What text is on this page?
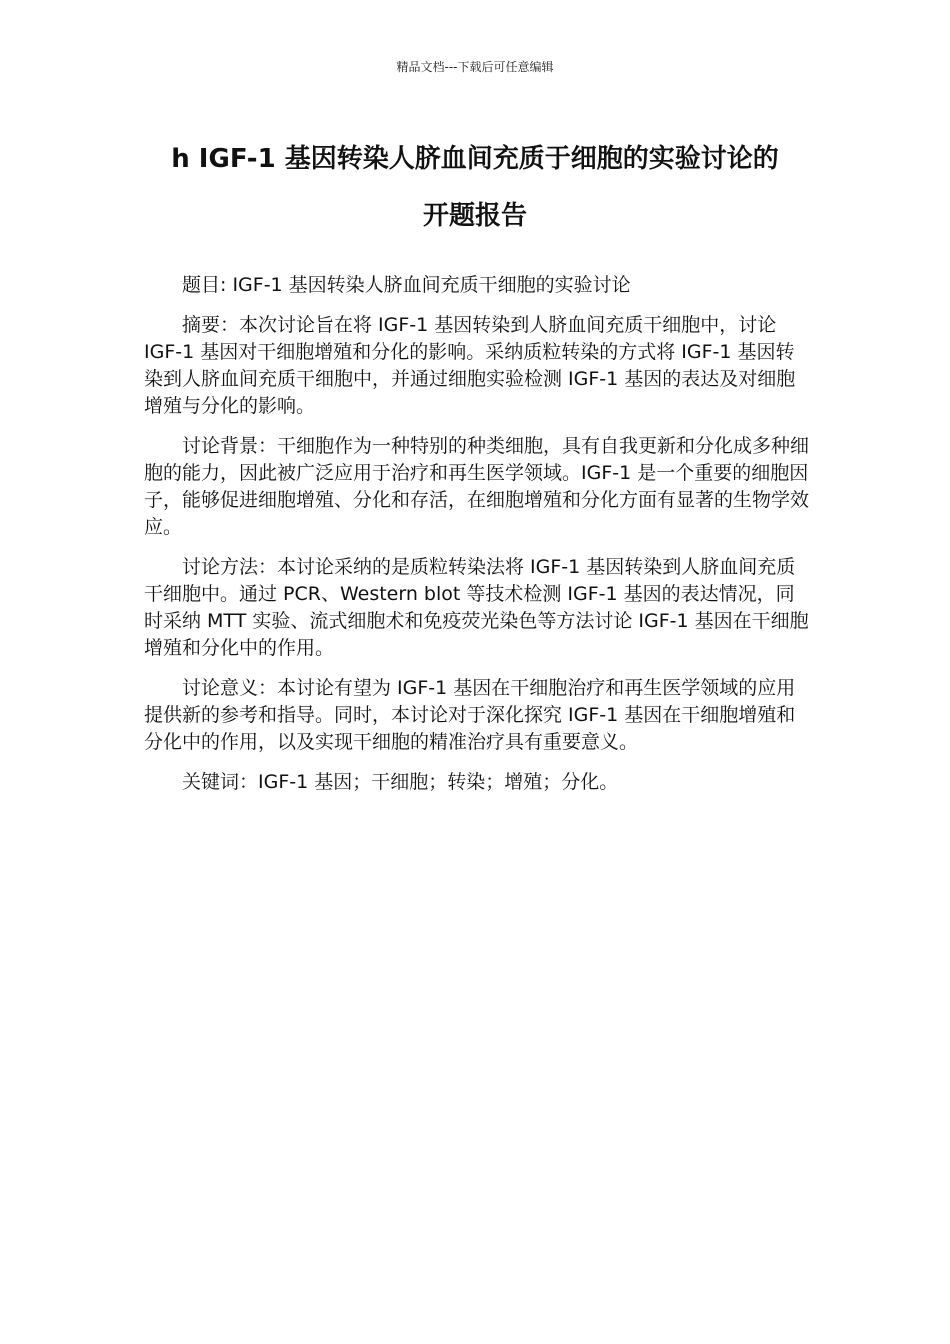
精品文档---下载后可任意编辑
h IGF-1 基因转染人脐血间充质于细胞的实验讨论的
开题报告

题目: IGF-1 基因转染人脐血间充质干细胞的实验讨论

摘要：本次讨论旨在将 IGF-1 基因转染到人脐血间充质干细胞中，讨论 IGF-1 基因对干细胞增殖和分化的影响。采纳质粒转染的方式将 IGF-1 基因转染到人脐血间充质干细胞中，并通过细胞实验检测 IGF-1 基因的表达及对细胞增殖与分化的影响。

讨论背景：干细胞作为一种特别的种类细胞，具有自我更新和分化成多种细胞的能力，因此被广泛应用于治疗和再生医学领域。IGF-1 是一个重要的细胞因子，能够促进细胞增殖、分化和存活，在细胞增殖和分化方面有显著的生物学效应。

讨论方法：本讨论采纳的是质粒转染法将 IGF-1 基因转染到人脐血间充质干细胞中。通过 PCR、Western blot 等技术检测 IGF-1 基因的表达情况，同时采纳 MTT 实验、流式细胞术和免疫荧光染色等方法讨论 IGF-1 基因在干细胞增殖和分化中的作用。

讨论意义：本讨论有望为 IGF-1 基因在干细胞治疗和再生医学领域的应用提供新的参考和指导。同时，本讨论对于深化探究 IGF-1 基因在干细胞增殖和分化中的作用，以及实现干细胞的精准治疗具有重要意义。

关键词：IGF-1 基因；干细胞；转染；增殖；分化。
